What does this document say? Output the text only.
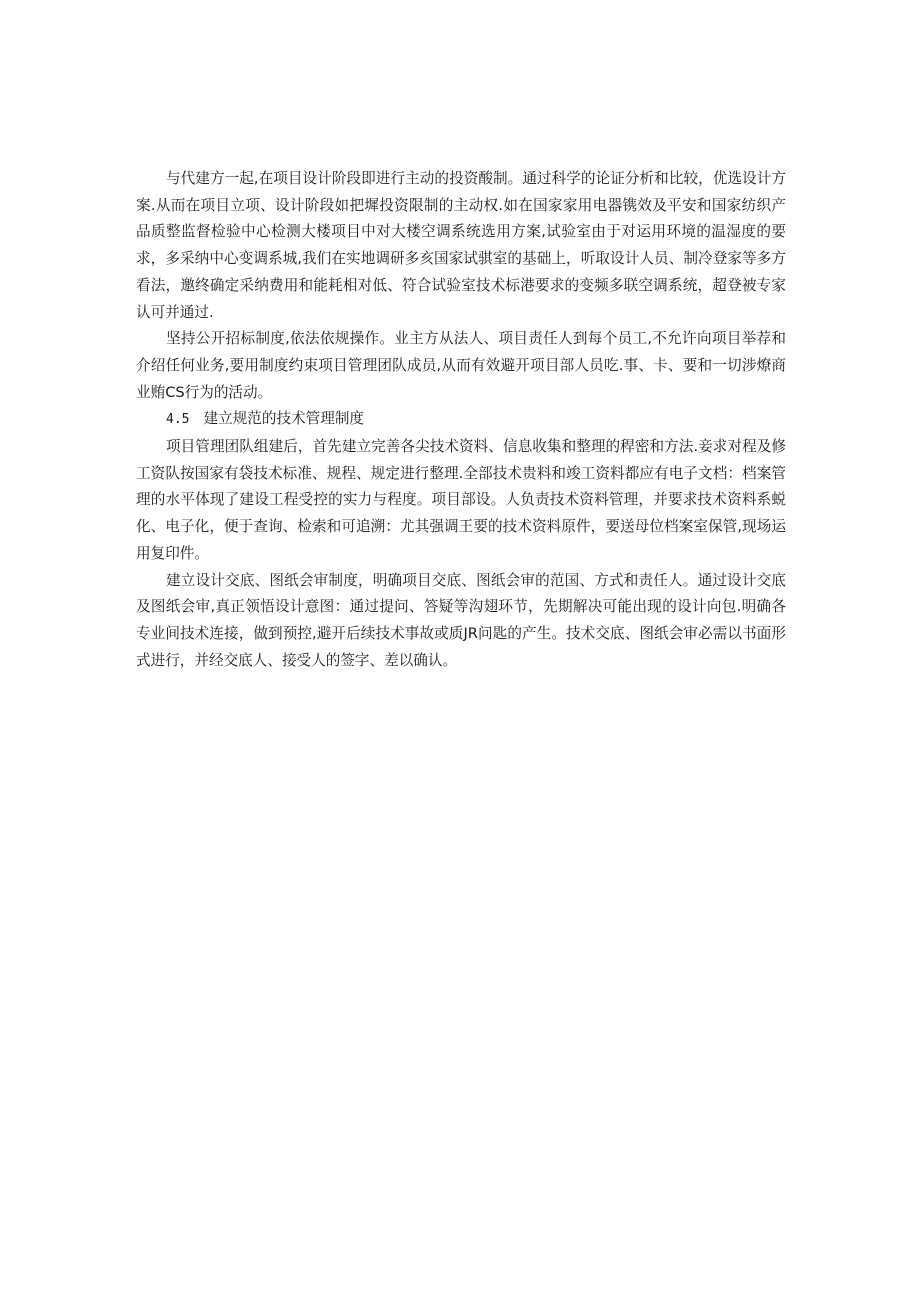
与代建方一起,在项目设计阶段即进行主动的投资酸制。通过科学的论证分析和比较，优选设计方案.从而在项目立项、设计阶段如把墀投资限制的主动权.如在国家家用电器镌效及平安和国家纺织产品质整监督检验中心检测大楼项目中对大楼空调系统选用方案,试验室由于对运用环境的温湿度的要求，多采纳中心变调系城,我们在实地调研多亥国家试骐室的基础上，听取设计人员、制冷登家等多方看法，邀终确定采纳费用和能耗相对低、符合试验室技术标港要求的变频多联空调系统，超登被专家认可并通过.

坚持公开招标制度,依法依规操作。业主方从法人、项目责任人到每个员工,不允许向项目举荐和介绍任何业务,要用制度约束项目管理团队成员,从而有效避开项目部人员吃.事、卡、要和一切涉燎商业贿CS行为的活动。

4.5 建立规范的技术管理制度

项目管理团队组建后，首先建立完善各尖技术资料、信息收集和整理的稈密和方法.妾求对程及修工资队按国家有袋技术标准、规程、规定进行整理.全部技术贵料和竣工资料都应有电子文档：档案管理的水平体现了建设工程受控的实力与程度。项目部设。人负责技术资料管理，并要求技术资料系蜕化、电子化，便于查询、检索和可追溯：尤其强调王要的技术资料原件，要送母位档案室保管,现场运用复印件。

建立设计交底、图纸会审制度，明确项目交底、图纸会审的范国、方式和责任人。通过设计交底及图纸会审,真正领悟设计意图：通过提问、答疑等沟翅环节，先期解决可能出现的设计向包.明确各专业间技术连接，做到预控,避开后续技术事故或质JR问匙的产生。技术交底、图纸会审必需以书面形式进行，并经交底人、接受人的签字、差以确认。
